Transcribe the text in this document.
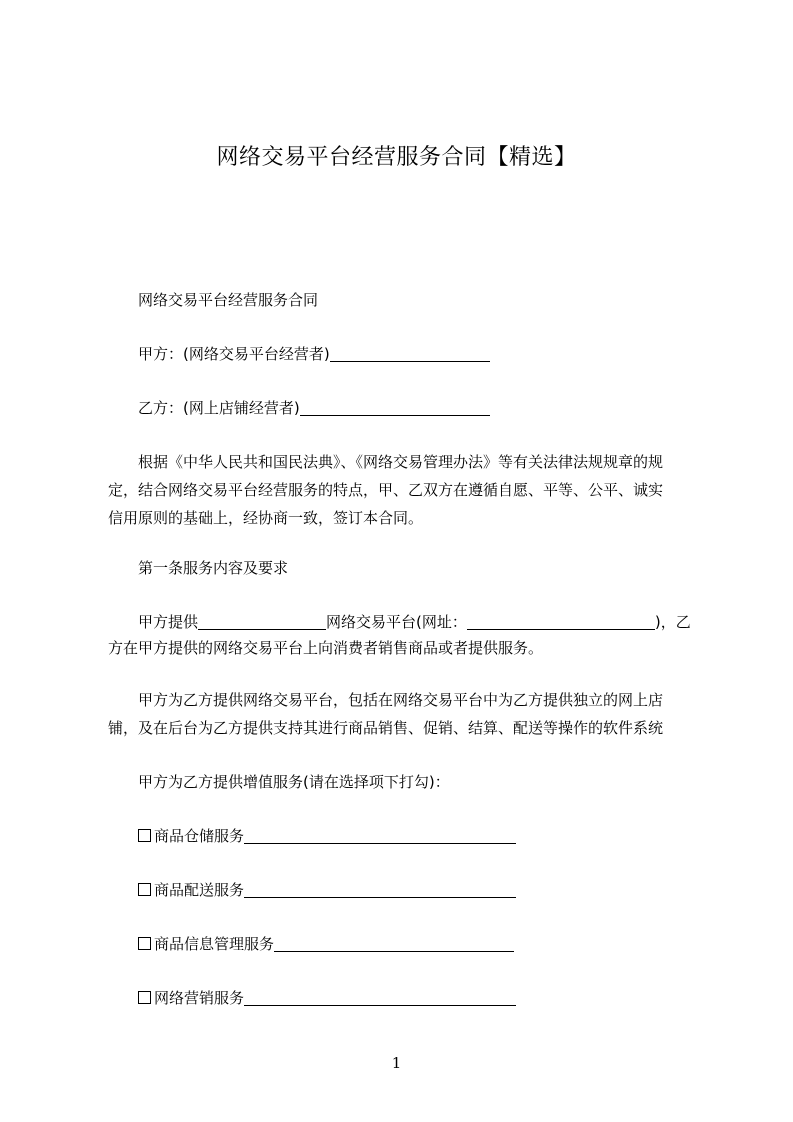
网络交易平台经营服务合同【精选】
网络交易平台经营服务合同
甲方：(网络交易平台经营者)
乙方：(网上店铺经营者)
根据《中华人民共和国民法典》、《网络交易管理办法》等有关法律法规规章的规
定，结合网络交易平台经营服务的特点，甲、乙双方在遵循自愿、平等、公平、诚实
信用原则的基础上，经协商一致，签订本合同。
第一条服务内容及要求
甲方提供	网络交易平台(网址：	)，乙
方在甲方提供的网络交易平台上向消费者销售商品或者提供服务。
甲方为乙方提供网络交易平台，包括在网络交易平台中为乙方提供独立的网上店
铺，及在后台为乙方提供支持其进行商品销售、促销、结算、配送等操作的软件系统
甲方为乙方提供增值服务(请在选择项下打勾)：
商品仓储服务
商品配送服务
商品信息管理服务
网络营销服务
1
